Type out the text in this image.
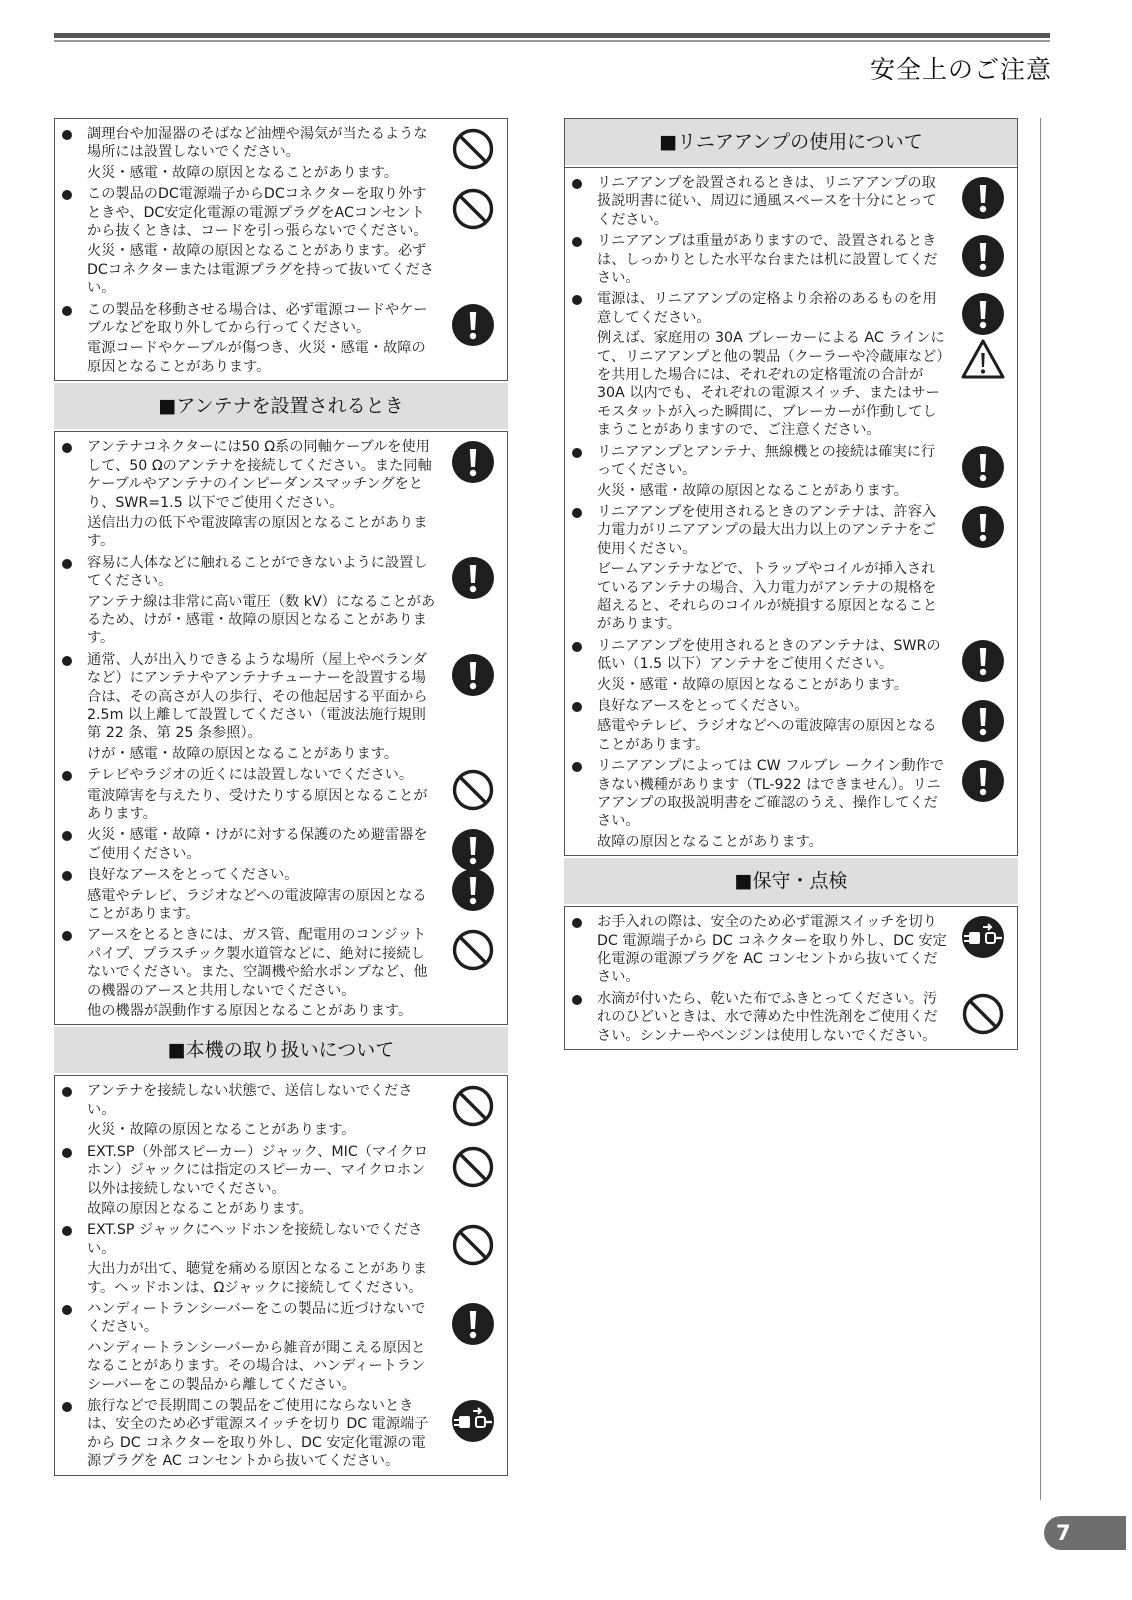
安全上のご注意
7
調理台や加湿器のそばなど油煙や湯気が当たるような場所には設置しないでください。
火災・感電・故障の原因となることがあります。
この製品のDC電源端子からDCコネクターを取り外すときや、DC安定化電源の電源プラグをACコンセントから抜くときは、コードを引っ張らないでください。
火災・感電・故障の原因となることがあります。必ずDCコネクターまたは電源プラグを持って抜いてください。
この製品を移動させる場合は、必ず電源コードやケーブルなどを取り外してから行ってください。
電源コードやケーブルが傷つき、火災・感電・故障の原因となることがあります。
■アンテナを設置されるとき
アンテナコネクターには50 Ω系の同軸ケーブルを使用して、50 Ωのアンテナを接続してください。また同軸ケーブルやアンテナのインピーダンスマッチングをとり、SWR=1.5 以下でご使用ください。
送信出力の低下や電波障害の原因となることがあります。
容易に人体などに触れることができないように設置してください。
アンテナ線は非常に高い電圧（数 kV）になることがあるため、けが・感電・故障の原因となることがあります。
通常、人が出入りできるような場所（屋上やベランダなど）にアンテナやアンテナチューナーを設置する場合は、その高さが人の歩行、その他起居する平面から 2.5m 以上離して設置してください（電波法施行規則第 22 条、第 25 条参照）。
けが・感電・故障の原因となることがあります。
テレビやラジオの近くには設置しないでください。
電波障害を与えたり、受けたりする原因となることがあります。
火災・感電・故障・けがに対する保護のため避雷器をご使用ください。
良好なアースをとってください。
感電やテレビ、ラジオなどへの電波障害の原因となることがあります。
アースをとるときには、ガス管、配電用のコンジットパイプ、プラスチック製水道管などに、絶対に接続しないでください。また、空調機や給水ポンプなど、他の機器のアースと共用しないでください。
他の機器が誤動作する原因となることがあります。
■本機の取り扱いについて
アンテナを接続しない状態で、送信しないでください。
火災・故障の原因となることがあります。
EXT.SP（外部スピーカー）ジャック、MIC（マイクロホン）ジャックには指定のスピーカー、マイクロホン以外は接続しないでください。
故障の原因となることがあります。
EXT.SP ジャックにヘッドホンを接続しないでください。
大出力が出て、聴覚を痛める原因となることがあります。ヘッドホンは、Ωジャックに接続してください。
ハンディートランシーバーをこの製品に近づけないでください。
ハンディートランシーバーから雑音が聞こえる原因となることがあります。その場合は、ハンディートランシーバーをこの製品から離してください。
旅行などで長期間この製品をご使用にならないときは、安全のため必ず電源スイッチを切り DC 電源端子から DC コネクターを取り外し、DC 安定化電源の電源プラグを AC コンセントから抜いてください。
■リニアアンプの使用について
リニアアンプを設置されるときは、リニアアンプの取扱説明書に従い、周辺に通風スペースを十分にとってください。
リニアアンプは重量がありますので、設置されるときは、しっかりとした水平な台または机に設置してください。
電源は、リニアアンプの定格より余裕のあるものを用意してください。
例えば、家庭用の 30A ブレーカーによる AC ラインにて、リニアアンプと他の製品（クーラーや冷蔵庫など）を共用した場合には、それぞれの定格電流の合計が 30A 以内でも、それぞれの電源スイッチ、またはサーモスタットが入った瞬間に、ブレーカーが作動してしまうことがありますので、ご注意ください。
リニアアンプとアンテナ、無線機との接続は確実に行ってください。
火災・感電・故障の原因となることがあります。
リニアアンプを使用されるときのアンテナは、許容入力電力がリニアアンプの最大出力以上のアンテナをご使用ください。
ビームアンテナなどで、トラップやコイルが挿入されているアンテナの場合、入力電力がアンテナの規格を超えると、それらのコイルが焼損する原因となることがあります。
リニアアンプを使用されるときのアンテナは、SWRの低い（1.5 以下）アンテナをご使用ください。
火災・感電・故障の原因となることがあります。
良好なアースをとってください。
感電やテレビ、ラジオなどへの電波障害の原因となることがあります。
リニアアンプによっては CW フルブレ ークイン動作できない機種があります（TL-922 はできません）。リニアアンプの取扱説明書をご確認のうえ、操作してください。
故障の原因となることがあります。
■保守・点検
お手入れの際は、安全のため必ず電源スイッチを切り DC 電源端子から DC コネクターを取り外し、DC 安定化電源の電源プラグを AC コンセントから抜いてください。
水滴が付いたら、乾いた布でふきとってください。汚れのひどいときは、水で薄めた中性洗剤をご使用ください。シンナーやベンジンは使用しないでください。
